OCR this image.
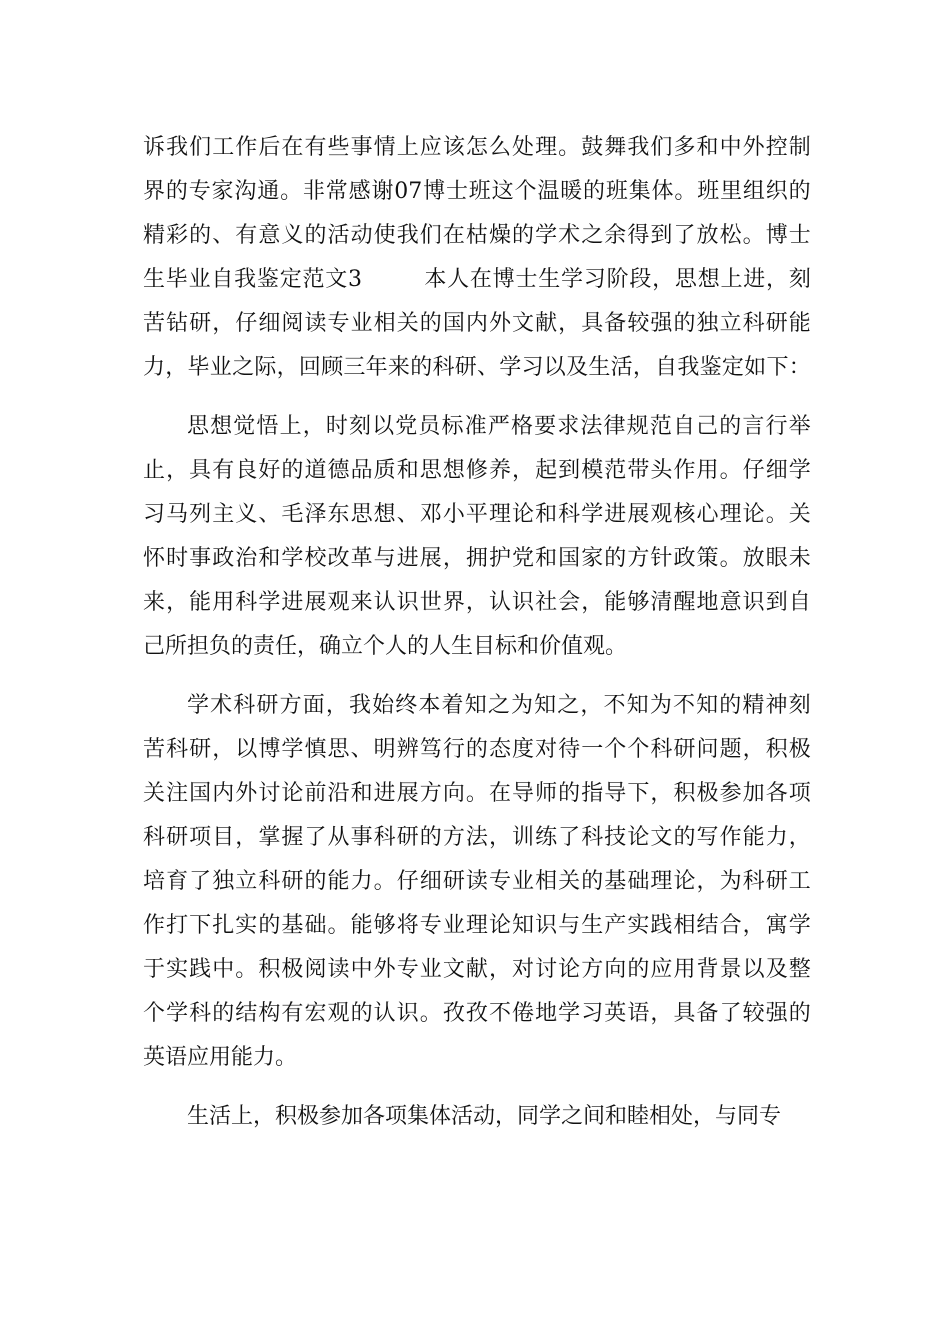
诉 我 们 工 作 后 在 有 些 事 情 上 应 该 怎 么 处 理 。 鼓 舞 我 们 多 和 中 外 控 制
界 的 专 家 沟 通 。 非 常 感 谢 07 博 士 班 这 个 温 暖 的 班 集 体 。 班 里 组 织 的
精 彩 的 、 有 意 义 的 活 动 使 我 们 在 枯 燥 的 学 术 之 余 得 到 了 放 松 。 博 士
生 毕 业 自 我 鉴 定 范 文 3	本 人 在 博 士 生 学 习 阶 段 ， 思 想 上 进 ， 刻
苦 钻 研 ， 仔 细 阅 读 专 业 相 关 的 国 内 外 文 献 ， 具 备 较 强 的 独 立 科 研 能
力 ， 毕 业 之 际 ， 回 顾 三 年 来 的 科 研 、 学 习 以 及 生 活 ， 自 我 鉴 定 如 下 ：
思 想 觉 悟 上 ， 时 刻 以 党 员 标 准 严 格 要 求 法 律 规 范 自 己 的 言 行 举
止 ， 具 有 良 好 的 道 德 品 质 和 思 想 修 养 ， 起 到 模 范 带 头 作 用 。 仔 细 学
习 马 列 主 义 、 毛 泽 东 思 想 、 邓 小 平 理 论 和 科 学 进 展 观 核 心 理 论 。 关
怀 时 事 政 治 和 学 校 改 革 与 进 展 ， 拥 护 党 和 国 家 的 方 针 政 策 。 放 眼 未
来 ， 能 用 科 学 进 展 观 来 认 识 世 界 ， 认 识 社 会 ， 能 够 清 醒 地 意 识 到 自
己所担负的责任，确立个人的人生目标和价值观。
学 术 科 研 方 面 ， 我 始 终 本 着 知 之 为 知 之 ， 不 知 为 不 知 的 精 神 刻
苦 科 研 ， 以 博 学 慎 思 、 明 辨 笃 行 的 态 度 对 待 一 个 个 科 研 问 题 ， 积 极
关 注 国 内 外 讨 论 前 沿 和 进 展 方 向 。 在 导 师 的 指 导 下 ， 积 极 参 加 各 项
科 研 项 目 ， 掌 握 了 从 事 科 研 的 方 法 ， 训 练 了 科 技 论 文 的 写 作 能 力 ，
培 育 了 独 立 科 研 的 能 力 。 仔 细 研 读 专 业 相 关 的 基 础 理 论 ， 为 科 研 工
作 打 下 扎 实 的 基 础 。 能 够 将 专 业 理 论 知 识 与 生 产 实 践 相 结 合 ， 寓 学
于 实 践 中 。 积 极 阅 读 中 外 专 业 文 献 ， 对 讨 论 方 向 的 应 用 背 景 以 及 整
个 学 科 的 结 构 有 宏 观 的 认 识 。 孜 孜 不 倦 地 学 习 英 语 ， 具 备 了 较 强 的
英语应用能力。
生活上，积极参加各项集体活动，同学之间和睦相处，与同专
